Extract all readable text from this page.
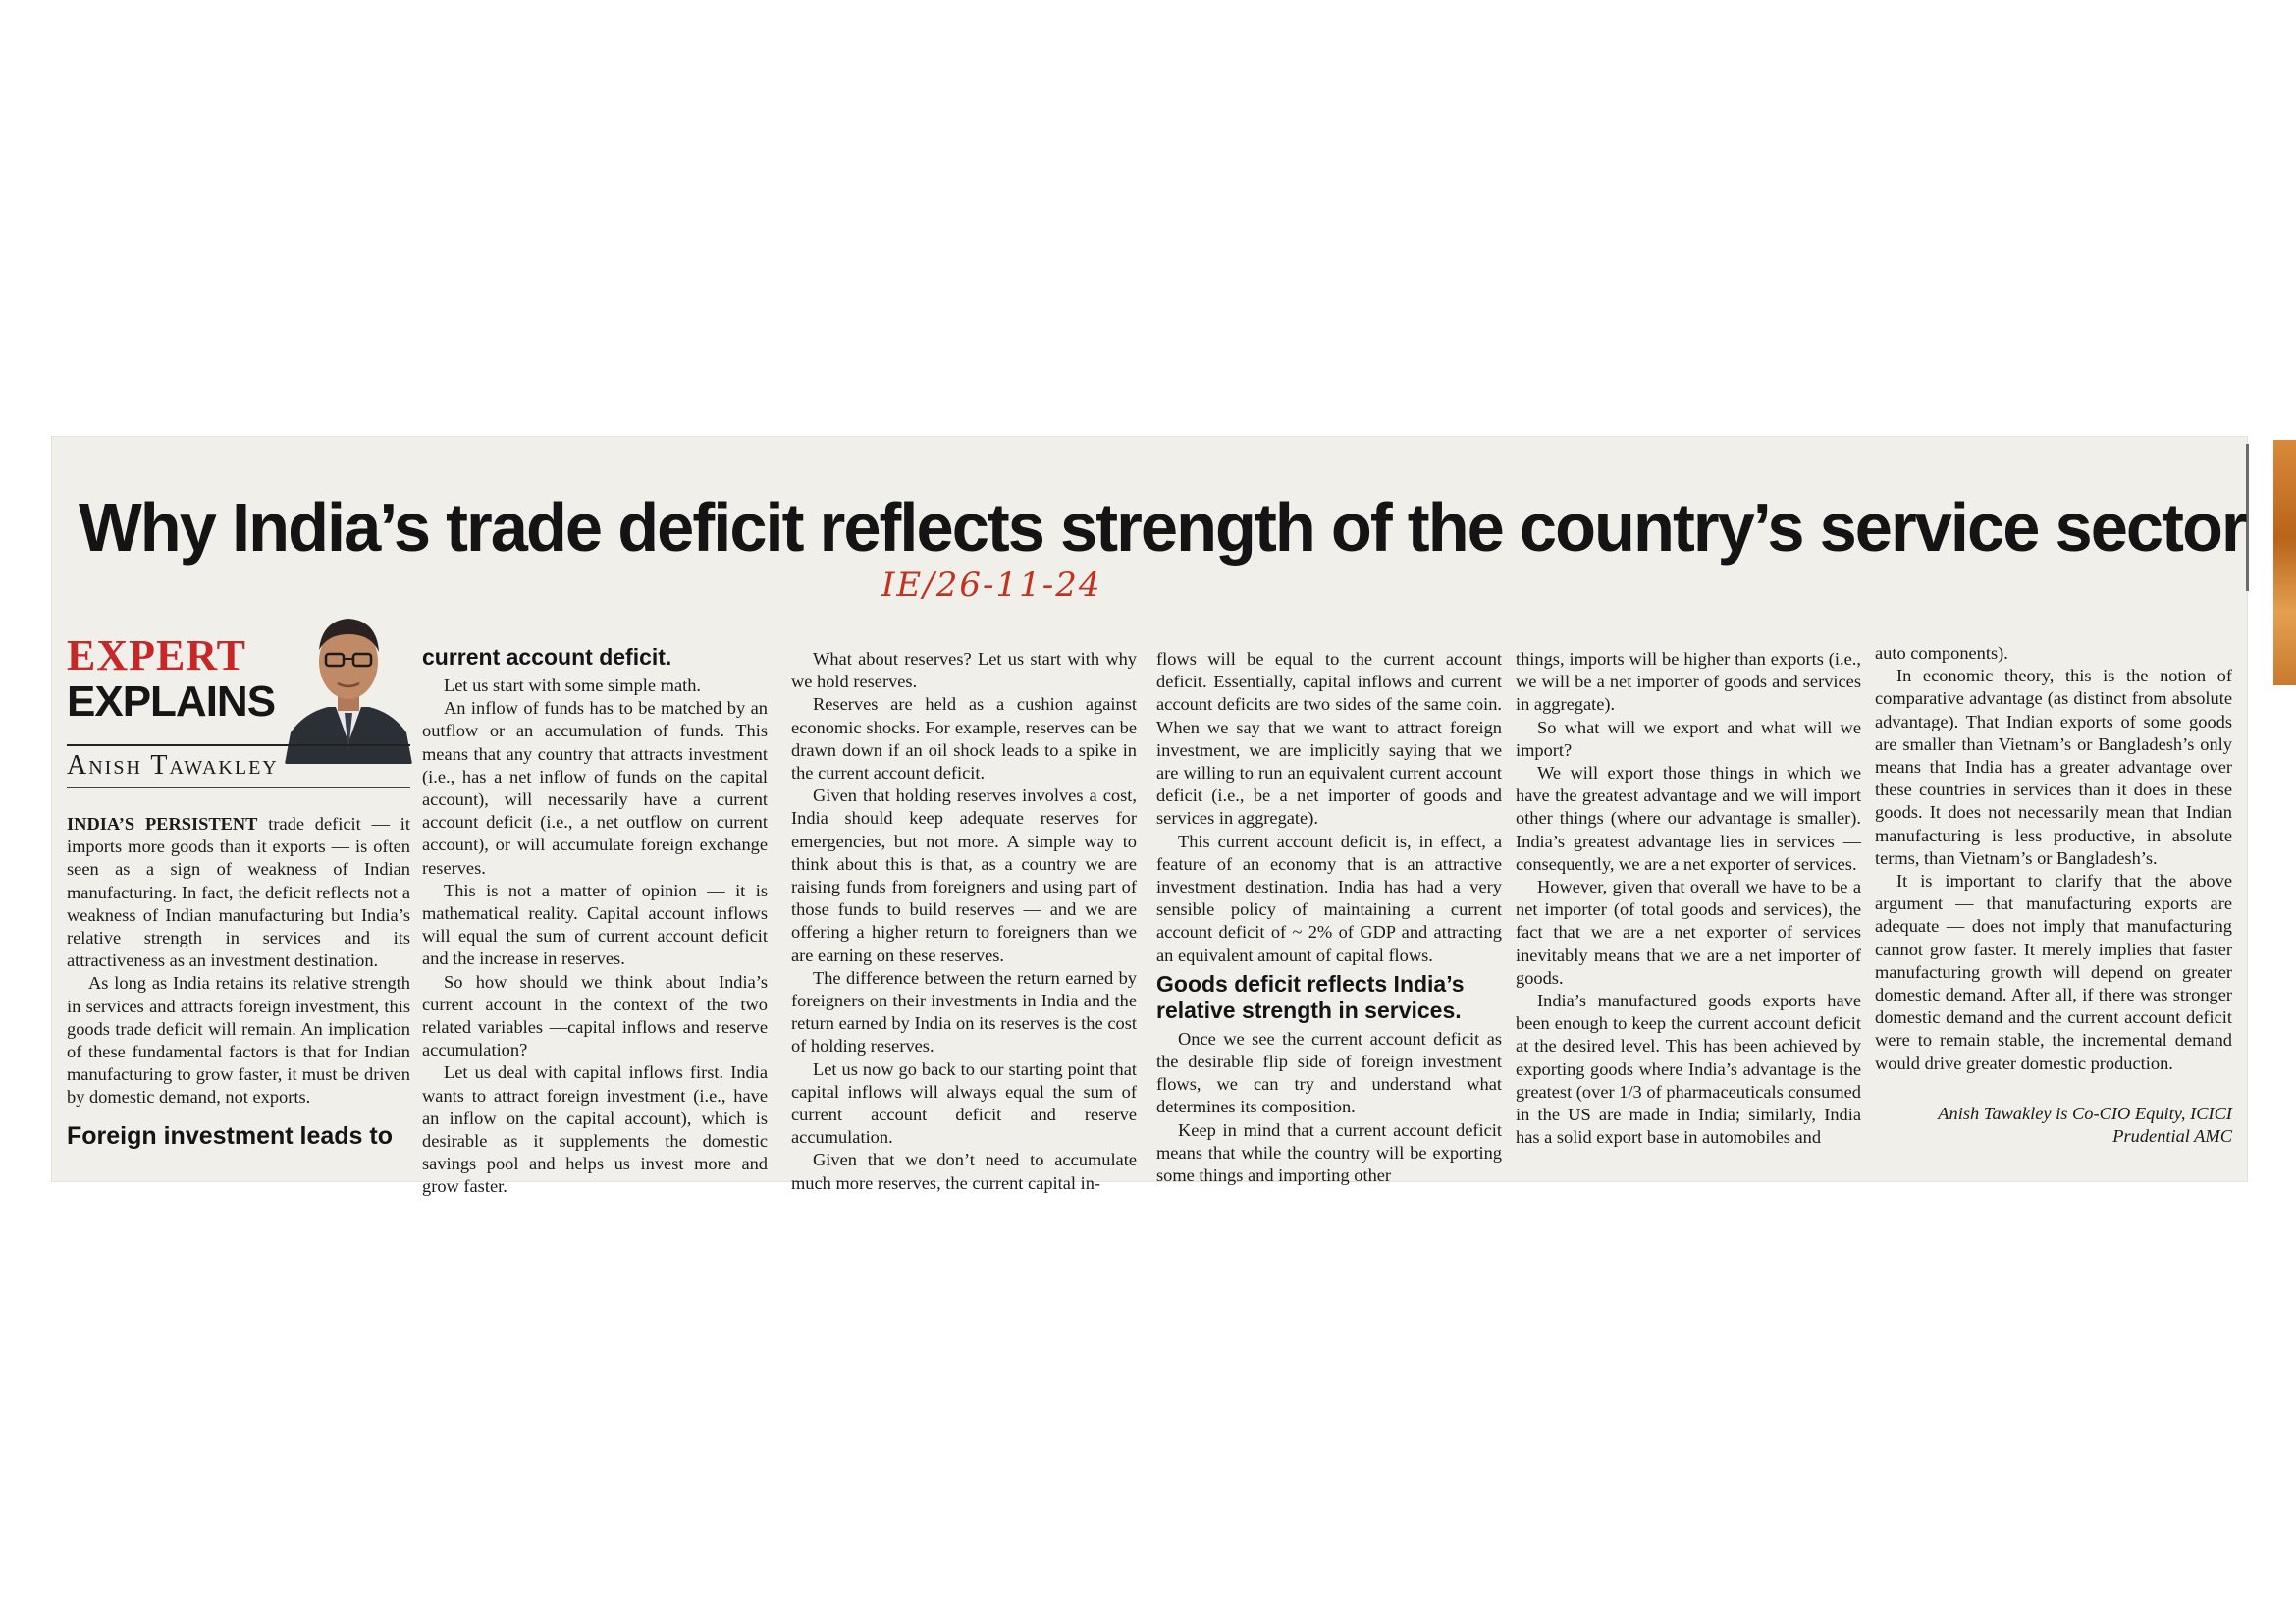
Why India’s trade deficit reflects strength of the country’s service sector
IE/26-11-24
EXPERT
EXPLAINS
Anish Tawakley

INDIA’S PERSISTENT trade deficit — it imports more goods than it exports — is often seen as a sign of weakness of Indian manufacturing. In fact, the deficit reflects not a weakness of Indian manufacturing but India’s relative strength in services and its attractiveness as an investment destination.

As long as India retains its relative strength in services and attracts foreign investment, this goods trade deficit will remain. An implication of these fundamental factors is that for Indian manufacturing to grow faster, it must be driven by domestic demand, not exports.

Foreign investment leads to

current account deficit.

Let us start with some simple math.

An inflow of funds has to be matched by an outflow or an accumulation of funds. This means that any country that attracts investment (i.e., has a net inflow of funds on the capital account), will necessarily have a current account deficit (i.e., a net outflow on current account), or will accumulate foreign exchange reserves.

This is not a matter of opinion — it is mathematical reality. Capital account inflows will equal the sum of current account deficit and the increase in reserves.

So how should we think about India’s current account in the context of the two related variables —capital inflows and reserve accumulation?

Let us deal with capital inflows first. India wants to attract foreign investment (i.e., have an inflow on the capital account), which is desirable as it supplements the domestic savings pool and helps us invest more and grow faster.

What about reserves? Let us start with why we hold reserves.

Reserves are held as a cushion against economic shocks. For example, reserves can be drawn down if an oil shock leads to a spike in the current account deficit.

Given that holding reserves involves a cost, India should keep adequate reserves for emergencies, but not more. A simple way to think about this is that, as a country we are raising funds from foreigners and using part of those funds to build reserves — and we are offering a higher return to foreigners than we are earning on these reserves.

The difference between the return earned by foreigners on their investments in India and the return earned by India on its reserves is the cost of holding reserves.

Let us now go back to our starting point that capital inflows will always equal the sum of current account deficit and reserve accumulation.

Given that we don’t need to accumulate much more reserves, the current capital in-

flows will be equal to the current account deficit. Essentially, capital inflows and current account deficits are two sides of the same coin. When we say that we want to attract foreign investment, we are implicitly saying that we are willing to run an equivalent current account deficit (i.e., be a net importer of goods and services in aggregate).

This current account deficit is, in effect, a feature of an economy that is an attractive investment destination. India has had a very sensible policy of maintaining a current account deficit of ~ 2% of GDP and attracting an equivalent amount of capital flows.

Goods deficit reflects India’s relative strength in services.

Once we see the current account deficit as the desirable flip side of foreign investment flows, we can try and understand what determines its composition.

Keep in mind that a current account deficit means that while the country will be exporting some things and importing other

things, imports will be higher than exports (i.e., we will be a net importer of goods and services in aggregate).

So what will we export and what will we import?

We will export those things in which we have the greatest advantage and we will import other things (where our advantage is smaller). India’s greatest advantage lies in services — consequently, we are a net exporter of services.

However, given that overall we have to be a net importer (of total goods and services), the fact that we are a net exporter of services inevitably means that we are a net importer of goods.

India’s manufactured goods exports have been enough to keep the current account deficit at the desired level. This has been achieved by exporting goods where India’s advantage is the greatest (over 1/3 of pharmaceuticals consumed in the US are made in India; similarly, India has a solid export base in automobiles and

auto components).

In economic theory, this is the notion of comparative advantage (as distinct from absolute advantage). That Indian exports of some goods are smaller than Vietnam’s or Bangladesh’s only means that India has a greater advantage over these countries in services than it does in these goods. It does not necessarily mean that Indian manufacturing is less productive, in absolute terms, than Vietnam’s or Bangladesh’s.

It is important to clarify that the above argument — that manufacturing exports are adequate — does not imply that manufacturing cannot grow faster. It merely implies that faster manufacturing growth will depend on greater domestic demand. After all, if there was stronger domestic demand and the current account deficit were to remain stable, the incremental demand would drive greater domestic production.

Anish Tawakley is Co-CIO Equity, ICICI
Prudential AMC
